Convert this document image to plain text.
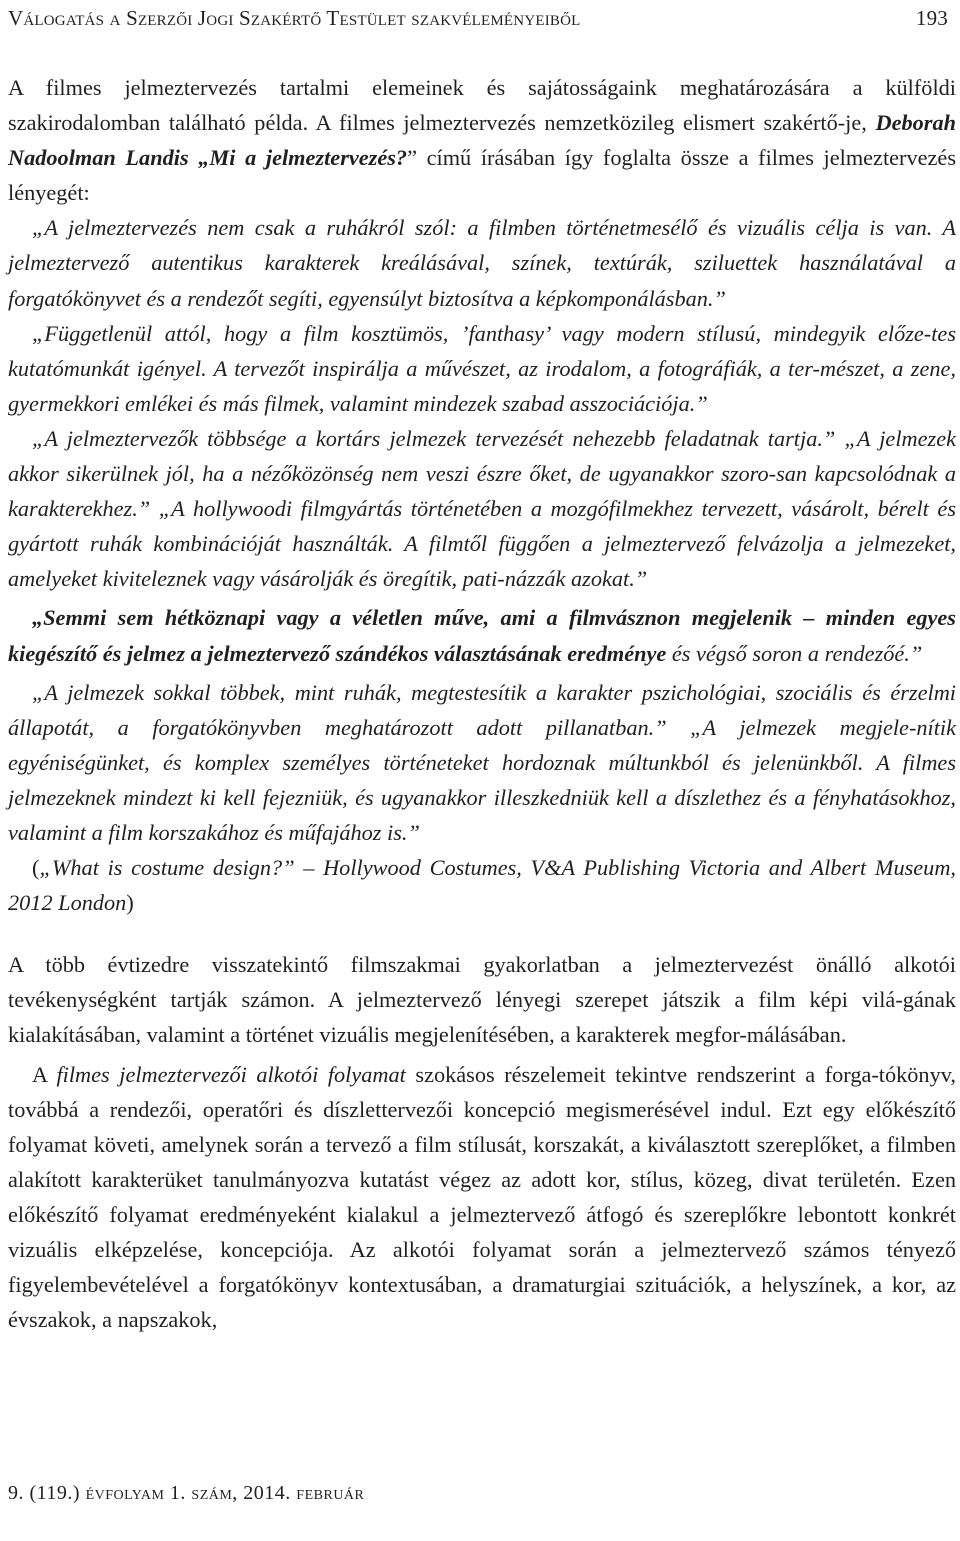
Válogatás a Szerzői Jogi Szakértő Testület szakvéleményeiből	193

A filmes jelmeztervezés tartalmi elemeinek és sajátosságaink meghatározására a külföldi szakirodalomban található példa. A filmes jelmeztervezés nemzetközileg elismert szakértő-je, Deborah Nadoolman Landis „Mi a jelmeztervezés?” című írásában így foglalta össze a filmes jelmeztervezés lényegét:

„A jelmeztervezés nem csak a ruhákról szól: a filmben történetmesélő és vizuális célja is van. A jelmeztervező autentikus karakterek kreálásával, színek, textúrák, sziluettek használatával a forgatókönyvet és a rendezőt segíti, egyensúlyt biztosítva a képkomponálásban.”

„Függetlenül attól, hogy a film kosztümös, ’fanthasy’ vagy modern stílusú, mindegyik előze-tes kutatómunkát igényel. A tervezőt inspirálja a művészet, az irodalom, a fotográfiák, a ter-mészet, a zene, gyermekkori emlékei és más filmek, valamint mindezek szabad asszociációja.”

„A jelmeztervezők többsége a kortárs jelmezek tervezését nehezebb feladatnak tartja.” „A jelmezek akkor sikerülnek jól, ha a nézőközönség nem veszi észre őket, de ugyanakkor szoro-san kapcsolódnak a karakterekhez.” „A hollywoodi filmgyártás történetében a mozgófilmekhez tervezett, vásárolt, bérelt és gyártott ruhák kombinációját használták. A filmtől függően a jelmeztervező felvázolja a jelmezeket, amelyeket kiviteleznek vagy vásárolják és öregítik, pati-názzák azokat.”

„Semmi sem hétköznapi vagy a véletlen műve, ami a filmvásznon megjelenik – minden egyes kiegészítő és jelmez a jelmeztervező szándékos választásának eredménye és végső soron a rendezőé.”

„A jelmezek sokkal többek, mint ruhák, megtestesítik a karakter pszichológiai, szociális és érzelmi állapotát, a forgatókönyvben meghatározott adott pillanatban.” „A jelmezek megjele-nítik egyéniségünket, és komplex személyes történeteket hordoznak múltunkból és jelenünkből. A filmes jelmezeknek mindezt ki kell fejezniük, és ugyanakkor illeszkedniük kell a díszlethez és a fényhatásokhoz, valamint a film korszakához és műfajához is.”

(„What is costume design?” – Hollywood Costumes, V&A Publishing Victoria and Albert Museum, 2012 London)

A több évtizedre visszatekintő filmszakmai gyakorlatban a jelmeztervezést önálló alkotói tevékenységként tartják számon. A jelmeztervező lényegi szerepet játszik a film képi vilá-gának kialakításában, valamint a történet vizuális megjelenítésében, a karakterek megfor-málásában.

A filmes jelmeztervezői alkotói folyamat szokásos részelemeit tekintve rendszerint a forga-tókönyv, továbbá a rendezői, operatőri és díszlettervezői koncepció megismerésével indul. Ezt egy előkészítő folyamat követi, amelynek során a tervező a film stílusát, korszakát, a kiválasztott szereplőket, a filmben alakított karakterüket tanulmányozva kutatást végez az adott kor, stílus, közeg, divat területén. Ezen előkészítő folyamat eredményeként kialakul a jelmeztervező átfogó és szereplőkre lebontott konkrét vizuális elképzelése, koncepciója. Az alkotói folyamat során a jelmeztervező számos tényező figyelembevételével a forgatókönyv kontextusában, a dramaturgiai szituációk, a helyszínek, a kor, az évszakok, a napszakok,

9. (119.) évfolyam 1. szám, 2014. február
